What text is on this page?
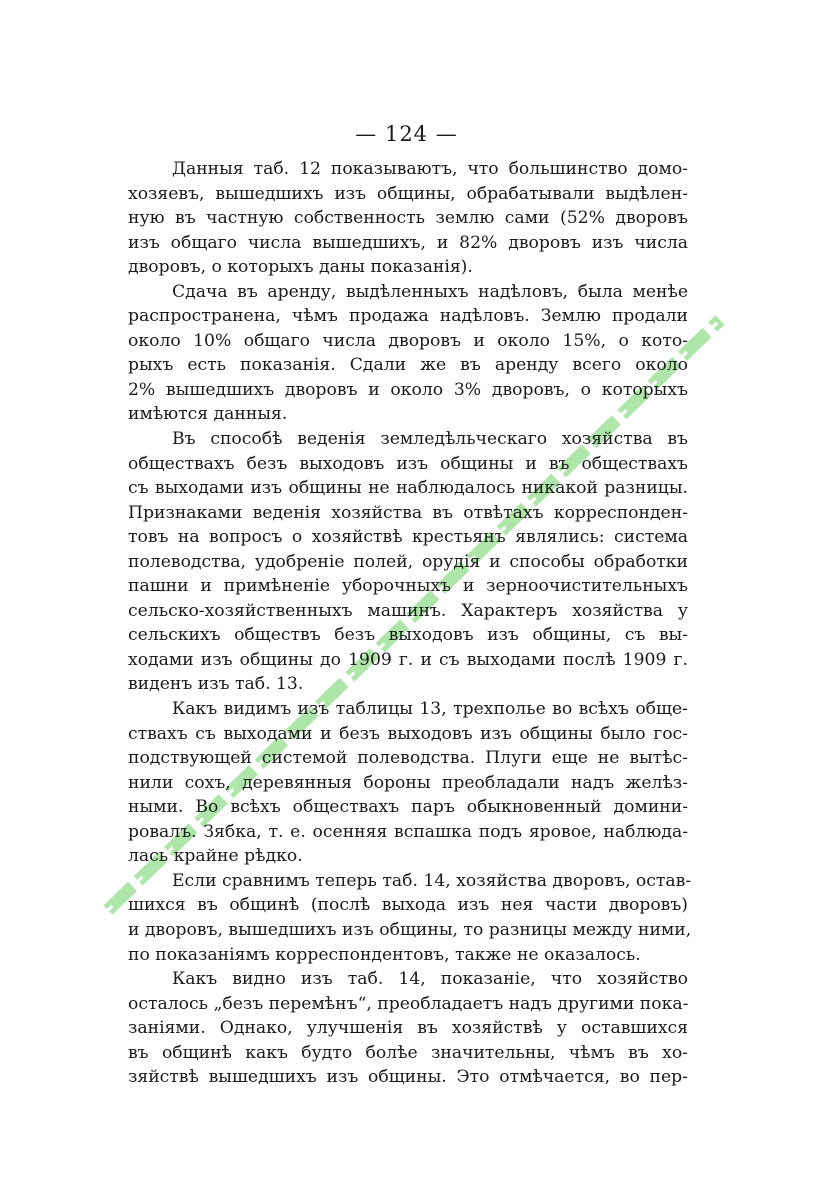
— 124 —
Данныя таб. 12 показываютъ, что большинство домо-
хозяевъ, вышедшихъ изъ общины, обрабатывали выдѣлен-
ную въ частную собственность землю сами (52% дворовъ
изъ общаго числа вышедшихъ, и 82% дворовъ изъ числа
дворовъ, о которыхъ даны показанія).
Сдача въ аренду, выдѣленныхъ надѣловъ, была менѣе
распространена, чѣмъ продажа надѣловъ. Землю продали
около 10% общаго числа дворовъ и около 15%, о кото-
рыхъ есть показанія. Сдали же въ аренду всего около
2% вышедшихъ дворовъ и около 3% дворовъ, о которыхъ
имѣются данныя.
Въ способѣ веденія земледѣльческаго хозяйства въ
обществахъ безъ выходовъ изъ общины и въ обществахъ
съ выходами изъ общины не наблюдалось никакой разницы.
Признаками веденія хозяйства въ отвѣтахъ корреспонден-
товъ на вопросъ о хозяйствѣ крестьянъ являлись: система
полеводства, удобреніе полей, орудія и способы обработки
пашни и примѣненіе уборочныхъ и зерноочистительныхъ
сельско-хозяйственныхъ машинъ. Характеръ хозяйства у
сельскихъ обществъ безъ выходовъ изъ общины, съ вы-
ходами изъ общины до 1909 г. и съ выходами послѣ 1909 г.
виденъ изъ таб. 13.
Какъ видимъ изъ таблицы 13, трехполье во всѣхъ обще-
ствахъ съ выходами и безъ выходовъ изъ общины было гос-
подствующей системой полеводства. Плуги еще не вытѣс-
нили сохъ, деревянныя бороны преобладали надъ желѣз-
ными. Во всѣхъ обществахъ паръ обыкновенный домини-
ровалъ. Зябка, т. е. осенняя вспашка подъ яровое, наблюда-
лась крайне рѣдко.
Если сравнимъ теперь таб. 14, хозяйства дворовъ, остав-
шихся въ общинѣ (послѣ выхода изъ нея части дворовъ)
и дворовъ, вышедшихъ изъ общины, то разницы между ними,
по показаніямъ корреспондентовъ, также не оказалось.
Какъ видно изъ таб. 14, показаніе, что хозяйство
осталось „безъ перемѣнъ“, преобладаетъ надъ другими пока-
заніями. Однако, улучшенія въ хозяйствѣ у оставшихся
въ общинѣ какъ будто болѣе значительны, чѣмъ въ хо-
зяйствѣ вышедшихъ изъ общины. Это отмѣчается, во пер-
